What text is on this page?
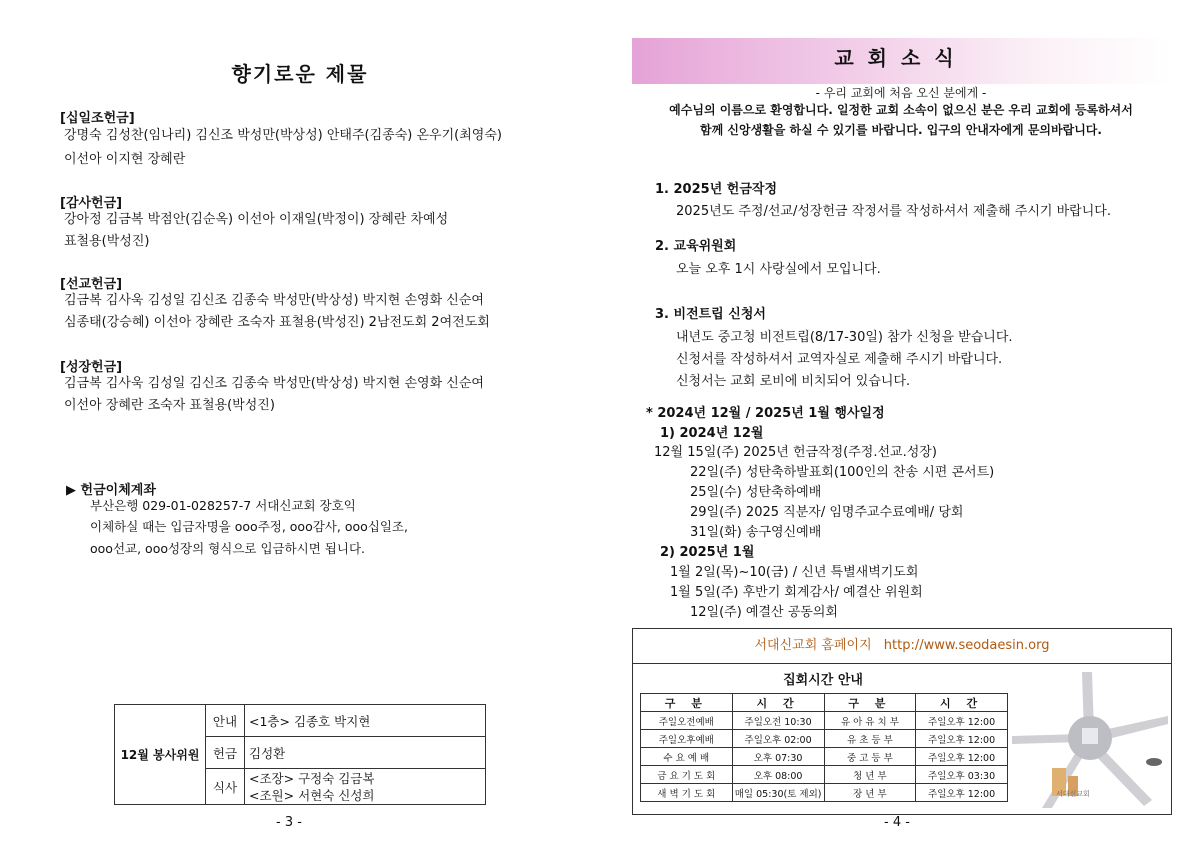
향기로운 제물
[십일조헌금]
강명숙 김성찬(임나리) 김신조 박성만(박상성) 안태주(김종숙) 온우기(최영숙)
이선아 이지현 장혜란
[감사헌금]
강아정 김금복 박점안(김순옥) 이선아 이재일(박정이) 장혜란 차예성
표철용(박성진)
[선교헌금]
김금복 김사욱 김성일 김신조 김종숙 박성만(박상성) 박지현 손영화 신순여
심종태(강승혜) 이선아 장혜란 조숙자 표철용(박성진) 2남전도회 2여전도회
[성장헌금]
김금복 김사욱 김성일 김신조 김종숙 박성만(박상성) 박지현 손영화 신순여
이선아 장혜란 조숙자 표철용(박성진)
▶ 헌금이체계좌
부산은행 029-01-028257-7 서대신교회 장호익
이체하실 때는 입금자명을 ooo주정, ooo감사, ooo십일조,
ooo선교, ooo성장의 형식으로 입금하시면 됩니다.
12월 봉사위원	안내	<1층> 김종호 박지현
	헌금	김성환
	식사	<조장> 구정숙 김금복
<조원> 서현숙 신성희
- 3 -
교회소식
- 우리 교회에 처음 오신 분에게 -
예수님의 이름으로 환영합니다. 일정한 교회 소속이 없으신 분은 우리 교회에 등록하셔서
함께 신앙생활을 하실 수 있기를 바랍니다. 입구의 안내자에게 문의바랍니다.
1. 2025년 헌금작정
2025년도 주정/선교/성장헌금 작정서를 작성하셔서 제출해 주시기 바랍니다.
2. 교육위원회
오늘 오후 1시 사랑실에서 모입니다.
3. 비전트립 신청서
내년도 중고청 비전트립(8/17-30일) 참가 신청을 받습니다.
신청서를 작성하셔서 교역자실로 제출해 주시기 바랍니다.
신청서는 교회 로비에 비치되어 있습니다.
* 2024년 12월 / 2025년 1월 행사일정
1) 2024년 12월
12월 15일(주) 2025년 헌금작정(주정.선교.성장)
22일(주) 성탄축하발표회(100인의 찬송 시편 콘서트)
25일(수) 성탄축하예배
29일(주) 2025 직분자/ 임명주교수료예배/ 당회
31일(화) 송구영신예배
2) 2025년 1월
1월 2일(목)~10(금) / 신년 특별새벽기도회
1월 5일(주) 후반기 회계감사/ 예결산 위원회
12일(주) 예결산 공동의회
서대신교회 홈페이지 http://www.seodaesin.org
집회시간 안내
구 분	시 간	구 분	시 간
주일오전예배	주일오전 10:30	유 아 유 치 부	주일오후 12:00
주일오후예배	주일오후 02:00	유 초 등 부	주일오후 12:00
수 요 예 배	오후 07:30	중 고 등 부	주일오후 12:00
금 요 기 도 회	오후 08:00	청 년 부	주일오후 03:30
새 벽 기 도 회	매일 05:30(토 제외)	장 년 부	주일오후 12:00	서대신교회
- 4 -
